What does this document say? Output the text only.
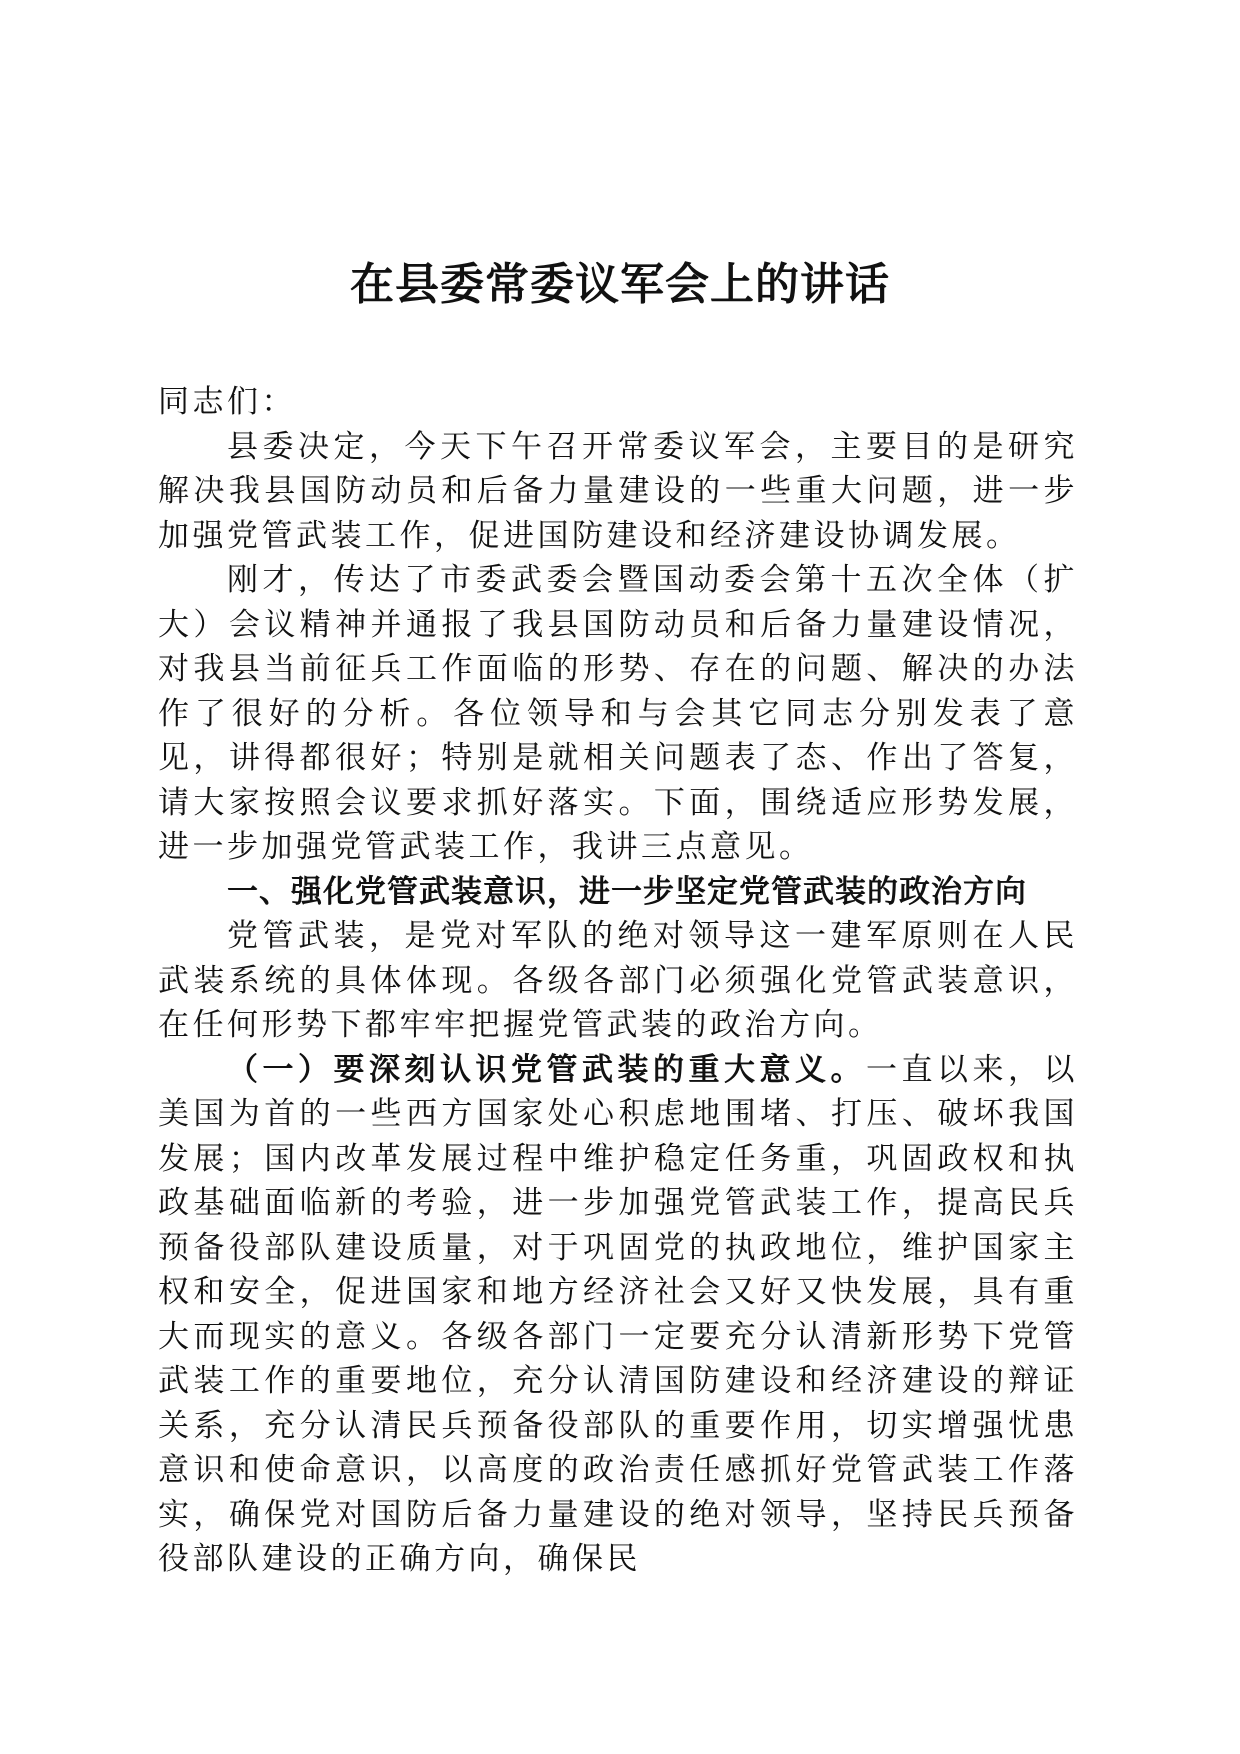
在县委常委议军会上的讲话

同志们：

县委决定，今天下午召开常委议军会，主要目的是研究解决我县国防动员和后备力量建设的一些重大问题，进一步加强党管武装工作，促进国防建设和经济建设协调发展。

刚才，传达了市委武委会暨国动委会第十五次全体（扩大）会议精神并通报了我县国防动员和后备力量建设情况，对我县当前征兵工作面临的形势、存在的问题、解决的办法作了很好的分析。各位领导和与会其它同志分别发表了意见，讲得都很好；特别是就相关问题表了态、作出了答复，请大家按照会议要求抓好落实。下面，围绕适应形势发展，进一步加强党管武装工作，我讲三点意见。

一、强化党管武装意识，进一步坚定党管武装的政治方向

党管武装，是党对军队的绝对领导这一建军原则在人民武装系统的具体体现。各级各部门必须强化党管武装意识，在任何形势下都牢牢把握党管武装的政治方向。

（一）要深刻认识党管武装的重大意义。一直以来，以美国为首的一些西方国家处心积虑地围堵、打压、破坏我国发展；国内改革发展过程中维护稳定任务重，巩固政权和执政基础面临新的考验，进一步加强党管武装工作，提高民兵预备役部队建设质量，对于巩固党的执政地位，维护国家主权和安全，促进国家和地方经济社会又好又快发展，具有重大而现实的意义。各级各部门一定要充分认清新形势下党管武装工作的重要地位，充分认清国防建设和经济建设的辩证关系，充分认清民兵预备役部队的重要作用，切实增强忧患意识和使命意识，以高度的政治责任感抓好党管武装工作落实，确保党对国防后备力量建设的绝对领导，坚持民兵预备役部队建设的正确方向，确保民
